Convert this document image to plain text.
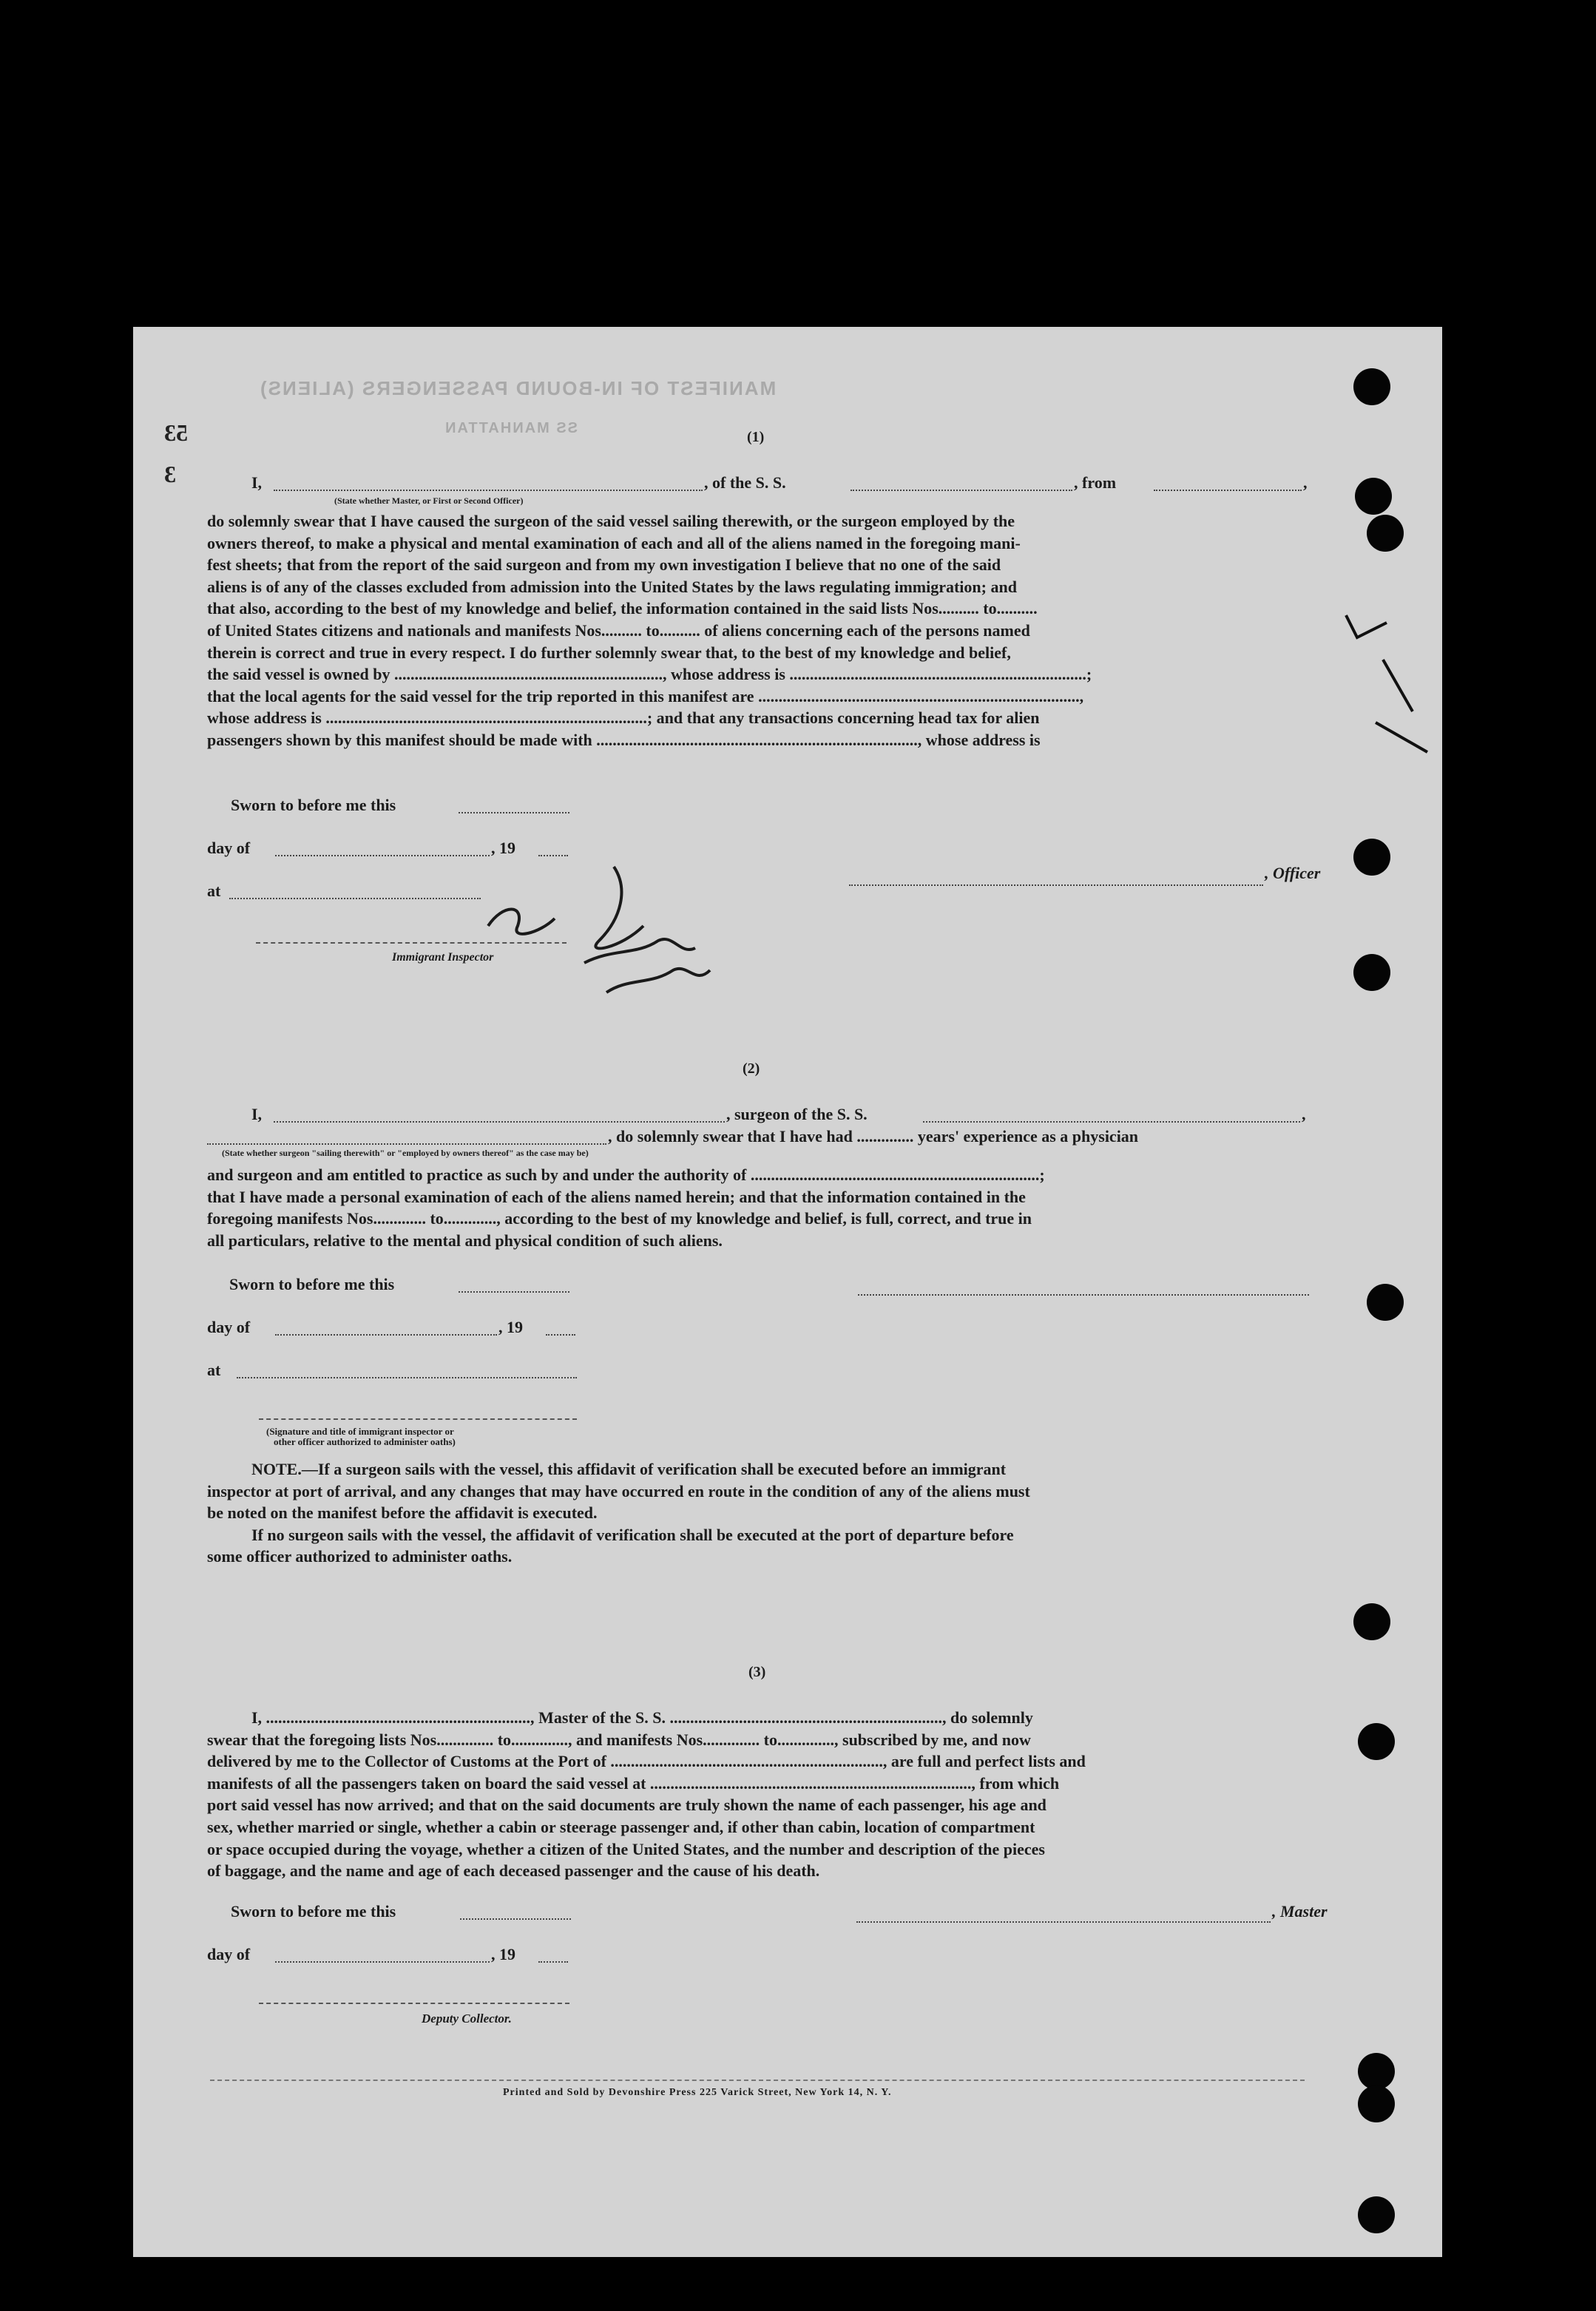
MANIFEST OF IN-BOUND PASSENGERS (ALIENS)
SS MANHATTAN
53
3
(1)
I,	, of the S. S.	, from	,
(State whether Master, or First or Second Officer)
do solemnly swear that I have caused the surgeon of the said vessel sailing therewith, or the surgeon employed by the
owners thereof, to make a physical and mental examination of each and all of the aliens named in the foregoing mani-
fest sheets; that from the report of the said surgeon and from my own investigation I believe that no one of the said
aliens is of any of the classes excluded from admission into the United States by the laws regulating immigration; and
that also, according to the best of my knowledge and belief, the information contained in the said lists Nos.......... to..........
of United States citizens and nationals and manifests Nos.......... to.......... of aliens concerning each of the persons named
therein is correct and true in every respect. I do further solemnly swear that, to the best of my knowledge and belief,
the said vessel is owned by .................................................................., whose address is .........................................................................;
that the local agents for the said vessel for the trip reported in this manifest are ...............................................................................,
whose address is ...............................................................................; and that any transactions concerning head tax for alien
passengers shown by this manifest should be made with ..............................................................................., whose address is
Sworn to before me this
day of	, 19
at
, Officer
Immigrant Inspector
(2)
I,	, surgeon of the S. S.	,
, do solemnly swear that I have had .............. years' experience as a physician
(State whether surgeon "sailing therewith" or "employed by owners thereof" as the case may be)
and surgeon and am entitled to practice as such by and under the authority of .......................................................................;
that I have made a personal examination of each of the aliens named herein; and that the information contained in the
foregoing manifests Nos............. to............., according to the best of my knowledge and belief, is full, correct, and true in
all particulars, relative to the mental and physical condition of such aliens.
Sworn to before me this
day of	, 19
at
(Signature and title of immigrant inspector or
other officer authorized to administer oaths)
NOTE.—If a surgeon sails with the vessel, this affidavit of verification shall be executed before an immigrant
inspector at port of arrival, and any changes that may have occurred en route in the condition of any of the aliens must
be noted on the manifest before the affidavit is executed.
If no surgeon sails with the vessel, the affidavit of verification shall be executed at the port of departure before
some officer authorized to administer oaths.
(3)
I, ................................................................., Master of the S. S. ..................................................................., do solemnly
swear that the foregoing lists Nos.............. to.............., and manifests Nos.............. to.............., subscribed by me, and now
delivered by me to the Collector of Customs at the Port of ..................................................................., are full and perfect lists and
manifests of all the passengers taken on board the said vessel at ..............................................................................., from which
port said vessel has now arrived; and that on the said documents are truly shown the name of each passenger, his age and
sex, whether married or single, whether a cabin or steerage passenger and, if other than cabin, location of compartment
or space occupied during the voyage, whether a citizen of the United States, and the number and description of the pieces
of baggage, and the name and age of each deceased passenger and the cause of his death.
Sworn to before me this	, Master
day of	, 19
Deputy Collector.
Printed and Sold by Devonshire Press 225 Varick Street, New York 14, N. Y.
